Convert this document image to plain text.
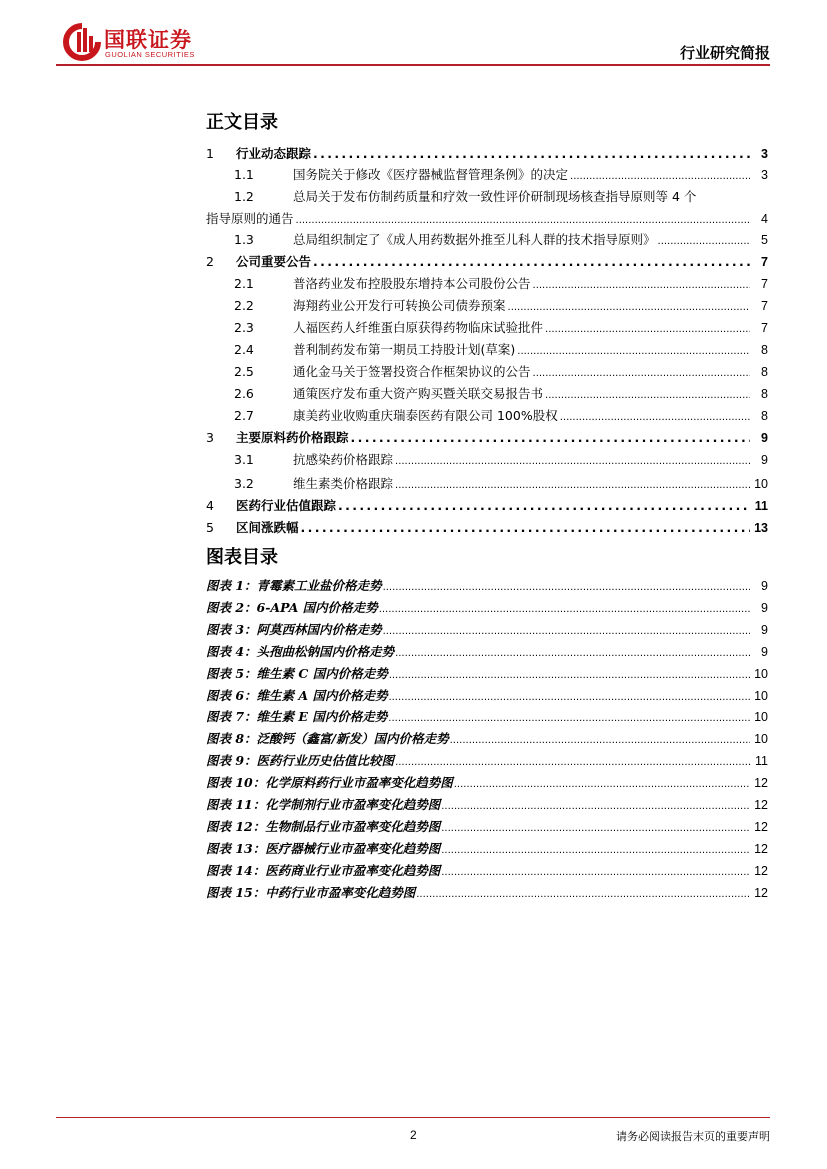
国联证券
GUOLIAN SECURITIES	行业研究简报
正文目录
1 行业动态跟踪 . . .	3
1.1	国务院关于修改《医疗器械监督管理条例》的决定 .....	3
1.2	总局关于发布仿制药质量和疗效一致性评价研制现场核查指导原则等 4 个
指导原则的通告 .....	4
1.3	总局组织制定了《成人用药数据外推至儿科人群的技术指导原则》 .....	5
2 公司重要公告 . . .	7
2.1	普洛药业发布控股股东增持本公司股份公告 .....	7
2.2	海翔药业公开发行可转换公司债券预案 .....	7
2.3	人福医药人纤维蛋白原获得药物临床试验批件 .....	7
2.4	普利制药发布第一期员工持股计划(草案) .....	8
2.5	通化金马关于签署投资合作框架协议的公告 .....	8
2.6	通策医疗发布重大资产购买暨关联交易报告书 .....	8
2.7	康美药业收购重庆瑞泰医药有限公司 100%股权 .....	8
3 主要原料药价格跟踪 . . .	9
3.1	抗感染药价格跟踪 .....	9
3.2	维生素类价格跟踪 .....	10
4 医药行业估值跟踪 . . .	11
5 区间涨跌幅 . . .	13
图表目录
图表 1：青霉素工业盐价格走势 .....	9
图表 2：6-APA 国内价格走势 .....	9
图表 3：阿莫西林国内价格走势 .....	9
图表 4：头孢曲松钠国内价格走势 .....	9
图表 5：维生素 C 国内价格走势 .....	10
图表 6：维生素 A 国内价格走势 .....	10
图表 7：维生素 E 国内价格走势 .....	10
图表 8：泛酸钙（鑫富/新发）国内价格走势 .....	10
图表 9：医药行业历史估值比较图 .....	11
图表 10：化学原料药行业市盈率变化趋势图 .....	12
图表 11：化学制剂行业市盈率变化趋势图 .....	12
图表 12：生物制品行业市盈率变化趋势图 .....	12
图表 13：医疗器械行业市盈率变化趋势图 .....	12
图表 14：医药商业行业市盈率变化趋势图 .....	12
图表 15：中药行业市盈率变化趋势图 .....	12
2	请务必阅读报告末页的重要声明
